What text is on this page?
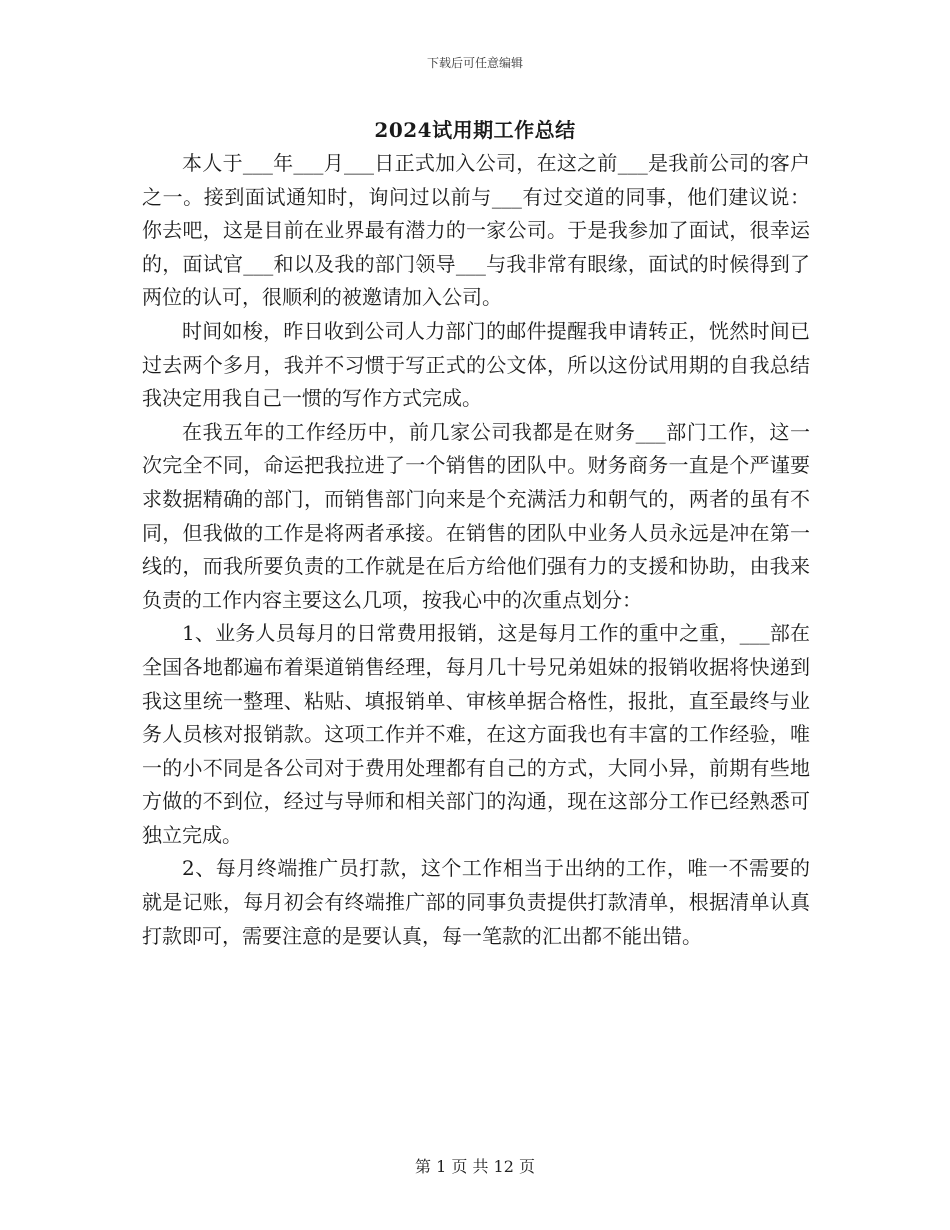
下载后可任意编辑
2024试用期工作总结

本人于___年___月___日正式加入公司，在这之前___是我前公司的客户之一。接到面试通知时，询问过以前与___有过交道的同事，他们建议说：你去吧，这是目前在业界最有潜力的一家公司。于是我参加了面试，很幸运的，面试官___和以及我的部门领导___与我非常有眼缘，面试的时候得到了两位的认可，很顺利的被邀请加入公司。

时间如梭，昨日收到公司人力部门的邮件提醒我申请转正，恍然时间已过去两个多月，我并不习惯于写正式的公文体，所以这份试用期的自我总结我决定用我自己一惯的写作方式完成。

在我五年的工作经历中，前几家公司我都是在财务___部门工作，这一次完全不同，命运把我拉进了一个销售的团队中。财务商务一直是个严谨要求数据精确的部门，而销售部门向来是个充满活力和朝气的，两者的虽有不同，但我做的工作是将两者承接。在销售的团队中业务人员永远是冲在第一线的，而我所要负责的工作就是在后方给他们强有力的支援和协助，由我来负责的工作内容主要这么几项，按我心中的次重点划分：

1、业务人员每月的日常费用报销，这是每月工作的重中之重，___部在全国各地都遍布着渠道销售经理，每月几十号兄弟姐妹的报销收据将快递到我这里统一整理、粘贴、填报销单、审核单据合格性，报批，直至最终与业务人员核对报销款。这项工作并不难，在这方面我也有丰富的工作经验，唯一的小不同是各公司对于费用处理都有自己的方式，大同小异，前期有些地方做的不到位，经过与导师和相关部门的沟通，现在这部分工作已经熟悉可独立完成。

2、每月终端推广员打款，这个工作相当于出纳的工作，唯一不需要的就是记账，每月初会有终端推广部的同事负责提供打款清单，根据清单认真打款即可，需要注意的是要认真，每一笔款的汇出都不能出错。

第 1 页 共 12 页
